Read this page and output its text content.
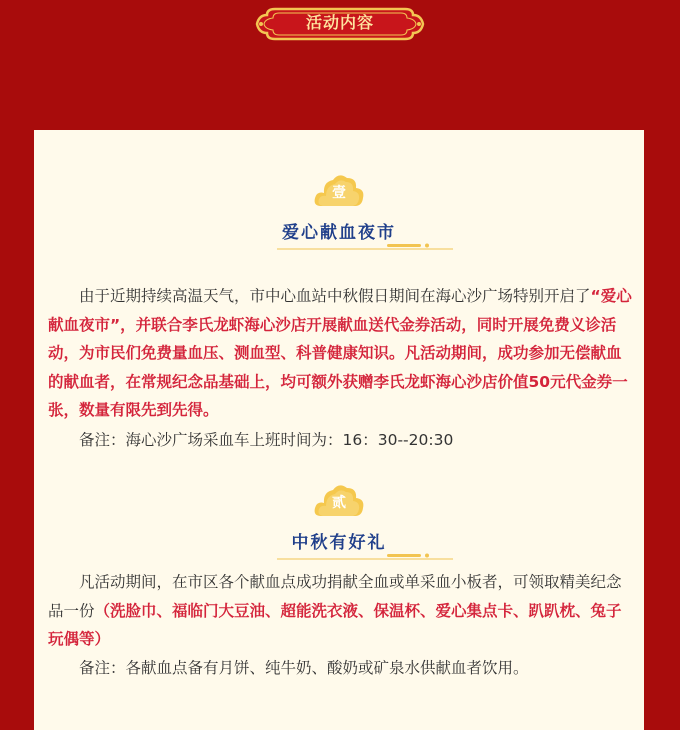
活动内容
壹
爱心献血夜市

由于近期持续高温天气，市中心血站中秋假日期间在海心沙广场特别开启了“爱心献血夜市”，并联合李氏龙虾海心沙店开展献血送代金券活动，同时开展免费义诊活动，为市民们免费量血压、测血型、科普健康知识。凡活动期间，成功参加无偿献血的献血者，在常规纪念品基础上，均可额外获赠李氏龙虾海心沙店价值50元代金券一张，数量有限先到先得。

备注：海心沙广场采血车上班时间为：16：30--20:30

贰
中秋有好礼

凡活动期间，在市区各个献血点成功捐献全血或单采血小板者，可领取精美纪念品一份（洗脸巾、福临门大豆油、超能洗衣液、保温杯、爱心集点卡、趴趴枕、兔子玩偶等）

备注：各献血点备有月饼、纯牛奶、酸奶或矿泉水供献血者饮用。
